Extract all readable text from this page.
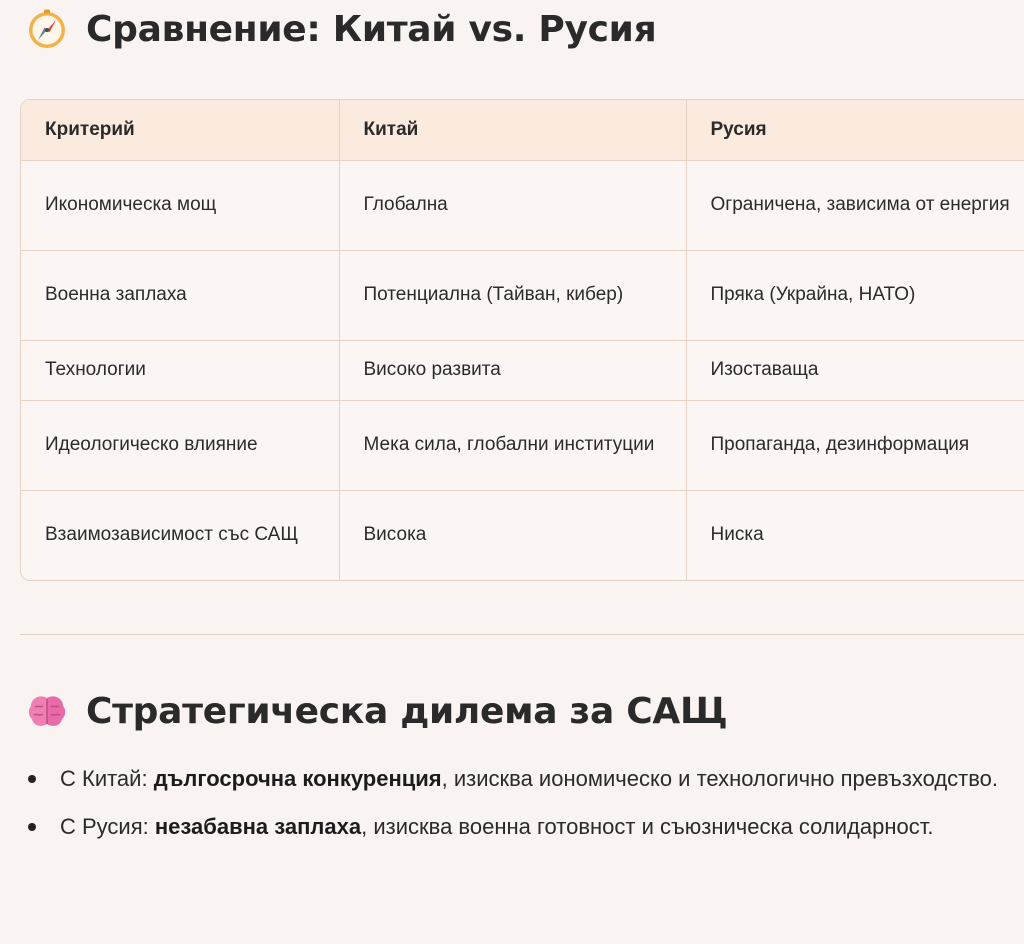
Сравнение: Китай vs. Русия
Критерий	Китай	Русия
Икономическа мощ	Глобална	Ограничена, зависима от енергия
Военна заплаха	Потенциална (Тайван, кибер)	Пряка (Украйна, НАТО)
Технологии	Високо развита	Изоставаща
Идеологическо влияние	Мека сила, глобални институции	Пропаганда, дезинформация
Взаимозависимост със САЩ	Висока	Ниска
Стратегическа дилема за САЩ
С Китай: дългосрочна конкуренция, изисква иономическо и технологично превъзходство.
С Русия: незабавна заплаха, изисква военна готовност и съюзническа солидарност.
